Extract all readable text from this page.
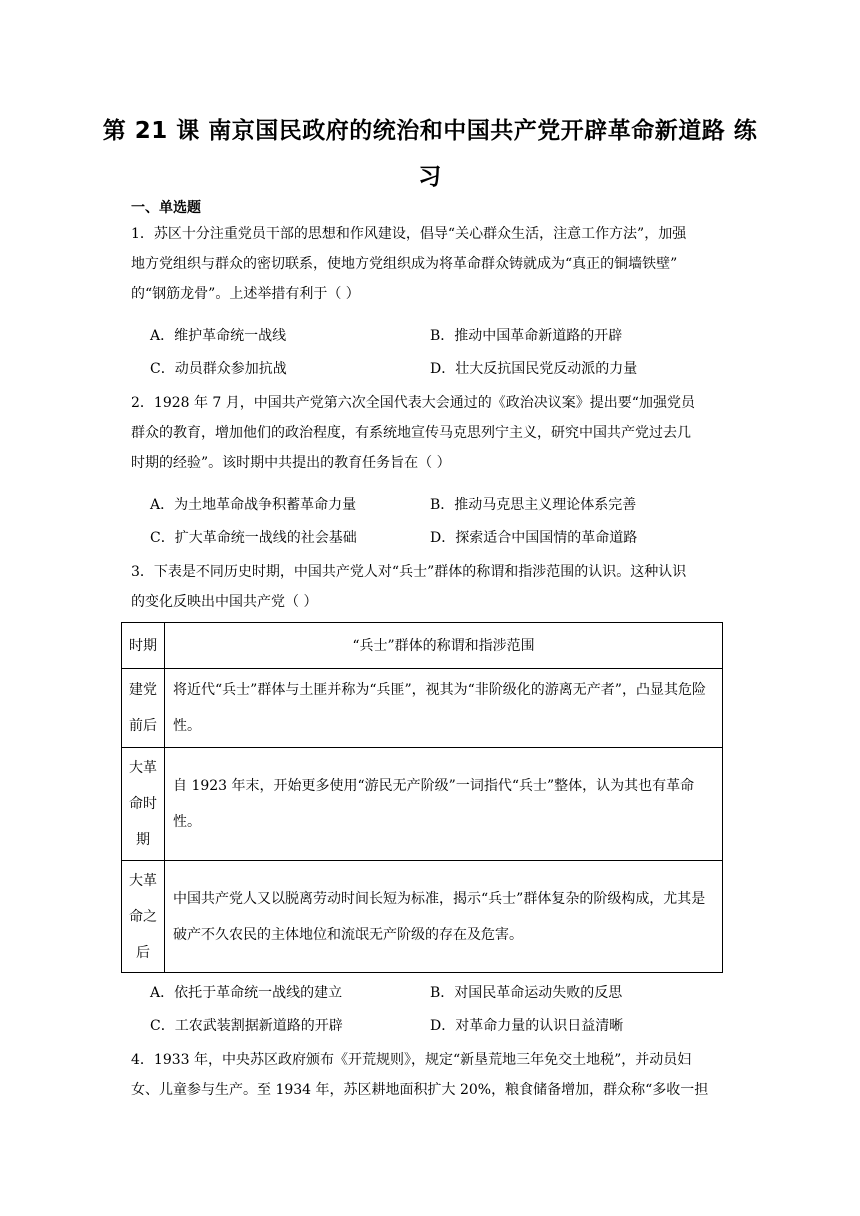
第 21 课 南京国民政府的统治和中国共产党开辟革命新道路 练
习
一、单选题

1．苏区十分注重党员干部的思想和作风建设，倡导“关心群众生活，注意工作方法”，加强

地方党组织与群众的密切联系，使地方党组织成为将革命群众铸就成为“真正的铜墙铁壁”

的“钢筋龙骨”。上述举措有利于（ ）

A．维护革命统一战线	B．推动中国革命新道路的开辟
C．动员群众参加抗战	D．壮大反抗国民党反动派的力量

2．1928 年 7 月，中国共产党第六次全国代表大会通过的《政治决议案》提出要“加强党员

群众的教育，增加他们的政治程度，有系统地宣传马克思列宁主义，研究中国共产党过去几

时期的经验”。该时期中共提出的教育任务旨在（ ）

A．为土地革命战争积蓄革命力量	B．推动马克思主义理论体系完善
C．扩大革命统一战线的社会基础	D．探索适合中国国情的革命道路

3．下表是不同历史时期，中国共产党人对“兵士”群体的称谓和指涉范围的认识。这种认识

的变化反映出中国共产党（ ）

时期	“兵士”群体的称谓和指涉范围
建党前后	将近代“兵士”群体与土匪并称为“兵匪”，视其为“非阶级化的游离无产者”，凸显其危险性。
大革命时期	自 1923 年末，开始更多使用“游民无产阶级”一词指代“兵士”整体，认为其也有革命性。
大革命之后	中国共产党人又以脱离劳动时间长短为标准，揭示“兵士”群体复杂的阶级构成，尤其是破产不久农民的主体地位和流氓无产阶级的存在及危害。
A．依托于革命统一战线的建立	B．对国民革命运动失败的反思
C．工农武装割据新道路的开辟	D．对革命力量的认识日益清晰

4．1933 年，中央苏区政府颁布《开荒规则》，规定“新垦荒地三年免交土地税”，并动员妇

女、儿童参与生产。至 1934 年，苏区耕地面积扩大 20%，粮食储备增加，群众称“多收一担
